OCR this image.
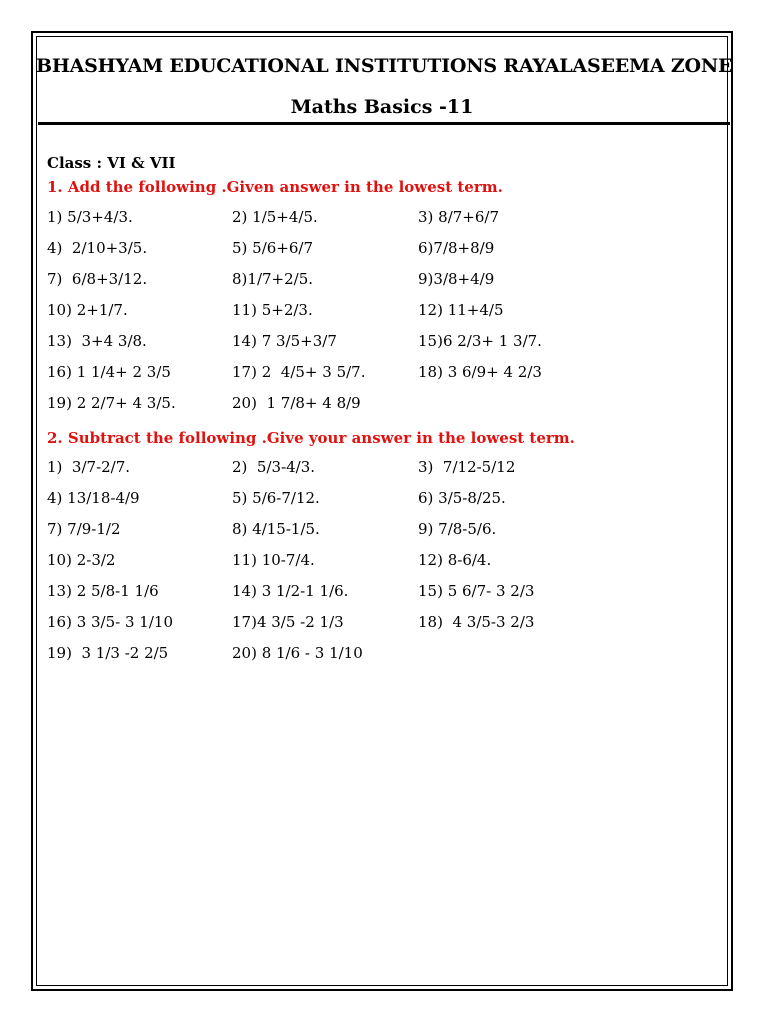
BHASHYAM EDUCATIONAL INSTITUTIONS RAYALASEEMA ZONE
Maths Basics -11
Class : VI & VII
1. Add the following .Given answer in the lowest term.
1) 5/3+4/3.	2) 1/5+4/5.	3) 8/7+6/7
4)  2/10+3/5.	5) 5/6+6/7	6)7/8+8/9
7)  6/8+3/12.	8)1/7+2/5.	9)3/8+4/9
10) 2+1/7.	11) 5+2/3.	12) 11+4/5
13)  3+4 3/8.	14) 7 3/5+3/7	15)6 2/3+ 1 3/7.
16) 1 1/4+ 2 3/5	17) 2  4/5+ 3 5/7.	18) 3 6/9+ 4 2/3
19) 2 2/7+ 4 3/5.	20)  1 7/8+ 4 8/9
2. Subtract the following .Give your answer in the lowest term.
1)  3/7-2/7.	2)  5/3-4/3.	3)  7/12-5/12
4) 13/18-4/9	5) 5/6-7/12.	6) 3/5-8/25.
7) 7/9-1/2	8) 4/15-1/5.	9) 7/8-5/6.
10) 2-3/2	11) 10-7/4.	12) 8-6/4.
13) 2 5/8-1 1/6	14) 3 1/2-1 1/6.	15) 5 6/7- 3 2/3
16) 3 3/5- 3 1/10	17)4 3/5 -2 1/3	18)  4 3/5-3 2/3
19)  3 1/3 -2 2/5	20) 8 1/6 - 3 1/10
